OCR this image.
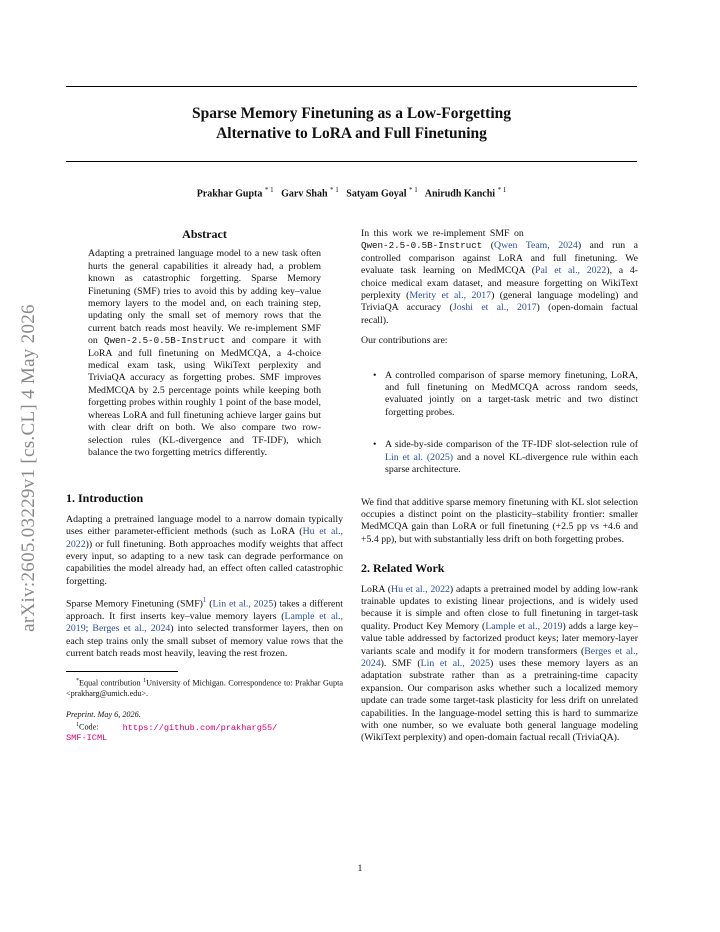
Sparse Memory Finetuning as a Low-Forgetting
Alternative to LoRA and Full Finetuning
Prakhar Gupta $^{* 1}$ Garv Shah $^{* 1}$ Satyam Goyal $^{* 1}$ Anirudh Kanchi $^{* 1}$
arXiv:2605.03229v1 [cs.CL] 4 May 2026
Abstract

Adapting a pretrained language model to a new task often hurts the general capabilities it already had, a problem known as catastrophic forgetting. Sparse Memory Finetuning (SMF) tries to avoid this by adding key–value memory layers to the model and, on each training step, updating only the small set of memory rows that the current batch reads most heavily. We re-implement SMF on Qwen-2.5-0.5B-Instruct and compare it with LoRA and full finetuning on MedMCQA, a 4-choice medical exam task, using WikiText perplexity and TriviaQA accuracy as forgetting probes. SMF improves MedMCQA by 2.5 percentage points while keeping both forgetting probes within roughly 1 point of the base model, whereas LoRA and full finetuning achieve larger gains but with clear drift on both. We also compare two row-selection rules (KL-divergence and TF-IDF), which balance the two forgetting metrics differently.

1. Introduction

Adapting a pretrained language model to a narrow domain typically uses either parameter-efficient methods (such as LoRA (Hu et al., 2022)) or full finetuning. Both approaches modify weights that affect every input, so adapting to a new task can degrade performance on capabilities the model already had, an effect often called catastrophic forgetting.

Sparse Memory Finetuning (SMF)$^1$ (Lin et al., 2025) takes a different approach. It first inserts key–value memory layers (Lample et al., 2019; Berges et al., 2024) into selected transformer layers, then on each step trains only the small subset of memory value rows that the current batch reads most heavily, leaving the rest frozen.

*Equal contribution $^1$University of Michigan. Correspondence to: Prakhar Gupta <prakharg@umich.edu>.

Preprint. May 6, 2026.

$^1$Code:	https://github.com/prakharg55/
SMF-ICML

In this work we re-implement SMF on
Qwen-2.5-0.5B-Instruct (Qwen Team, 2024) and run a controlled comparison against LoRA and full finetuning. We evaluate task learning on MedMCQA (Pal et al., 2022), a 4-choice medical exam dataset, and measure forgetting on WikiText perplexity (Merity et al., 2017) (general language modeling) and TriviaQA accuracy (Joshi et al., 2017) (open-domain factual recall).

Our contributions are:

• A controlled comparison of sparse memory finetuning, LoRA, and full finetuning on MedMCQA across random seeds, evaluated jointly on a target-task metric and two distinct forgetting probes.
• A side-by-side comparison of the TF-IDF slot-selection rule of Lin et al. (2025) and a novel KL-divergence rule within each sparse architecture.

We find that additive sparse memory finetuning with KL slot selection occupies a distinct point on the plasticity–stability frontier: smaller MedMCQA gain than LoRA or full finetuning (+2.5 pp vs +4.6 and +5.4 pp), but with substantially less drift on both forgetting probes.

2. Related Work

LoRA (Hu et al., 2022) adapts a pretrained model by adding low-rank trainable updates to existing linear projections, and is widely used because it is simple and often close to full finetuning in target-task quality. Product Key Memory (Lample et al., 2019) adds a large key–value table addressed by factorized product keys; later memory-layer variants scale and modify it for modern transformers (Berges et al., 2024). SMF (Lin et al., 2025) uses these memory layers as an adaptation substrate rather than as a pretraining-time capacity expansion. Our comparison asks whether such a localized memory update can trade some target-task plasticity for less drift on unrelated capabilities. In the language-model setting this is hard to summarize with one number, so we evaluate both general language modeling (WikiText perplexity) and open-domain factual recall (TriviaQA).

1
